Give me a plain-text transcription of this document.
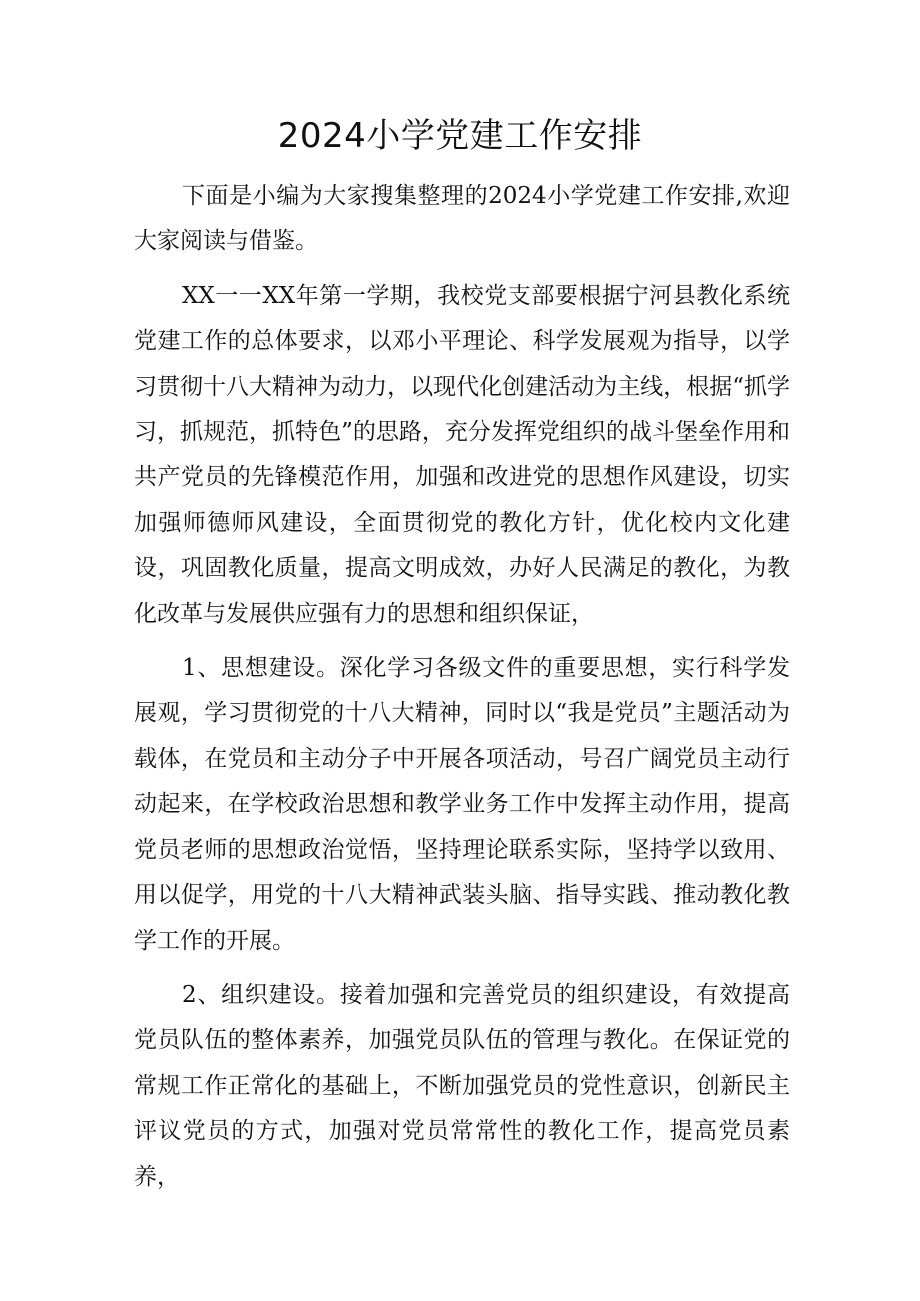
2024小学党建工作安排

下面是小编为大家搜集整理的2024小学党建工作安排,欢迎大家阅读与借鉴。

XX一一XX年第一学期，我校党支部要根据宁河县教化系统党建工作的总体要求，以邓小平理论、科学发展观为指导，以学习贯彻十八大精神为动力，以现代化创建活动为主线，根据“抓学习，抓规范，抓特色”的思路，充分发挥党组织的战斗堡垒作用和共产党员的先锋模范作用，加强和改进党的思想作风建设，切实加强师德师风建设，全面贯彻党的教化方针，优化校内文化建设，巩固教化质量，提高文明成效，办好人民满足的教化，为教化改革与发展供应强有力的思想和组织保证，

1、思想建设。深化学习各级文件的重要思想，实行科学发展观，学习贯彻党的十八大精神，同时以“我是党员”主题活动为载体，在党员和主动分子中开展各项活动，号召广阔党员主动行动起来，在学校政治思想和教学业务工作中发挥主动作用，提高党员老师的思想政治觉悟，坚持理论联系实际，坚持学以致用、用以促学，用党的十八大精神武装头脑、指导实践、推动教化教学工作的开展。

2、组织建设。接着加强和完善党员的组织建设，有效提高党员队伍的整体素养，加强党员队伍的管理与教化。在保证党的常规工作正常化的基础上，不断加强党员的党性意识，创新民主评议党员的方式，加强对党员常常性的教化工作，提高党员素养，
